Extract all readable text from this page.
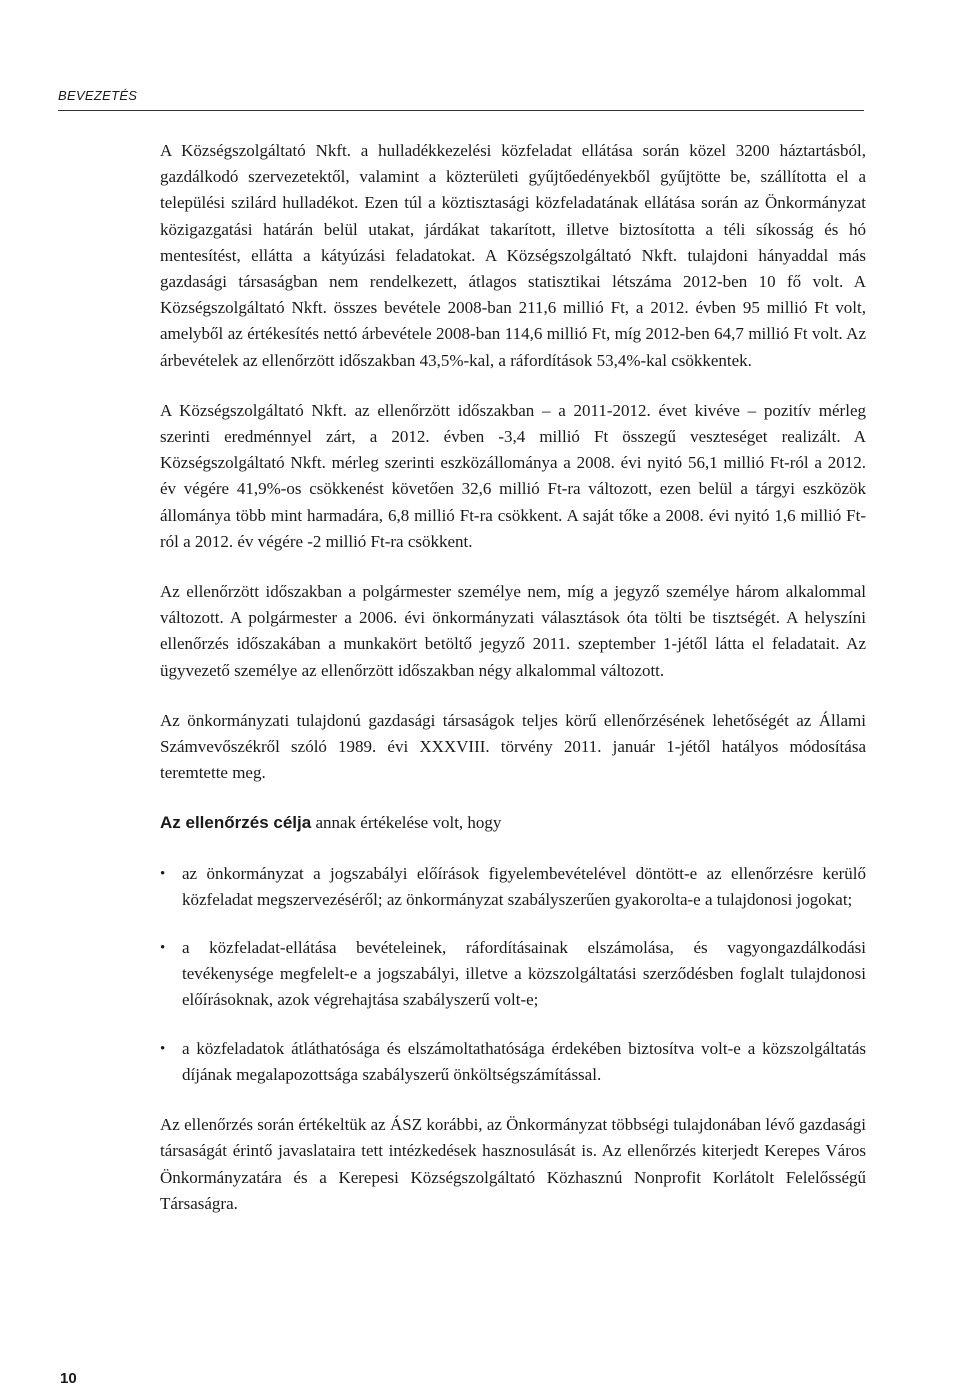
BEVEZETÉS

A Községszolgáltató Nkft. a hulladékkezelési közfeladat ellátása során közel 3200 háztartásból, gazdálkodó szervezetektől, valamint a közterületi gyűjtőedényekből gyűjtötte be, szállította el a települési szilárd hulladékot. Ezen túl a köztisztasági közfeladatának ellátása során az Önkormányzat közigazgatási határán belül utakat, járdákat takarított, illetve biztosította a téli síkosság és hó mentesítést, ellátta a kátyúzási feladatokat. A Községszolgáltató Nkft. tulajdoni hányaddal más gazdasági társaságban nem rendelkezett, átlagos statisztikai létszáma 2012-ben 10 fő volt. A Községszolgáltató Nkft. összes bevétele 2008-ban 211,6 millió Ft, a 2012. évben 95 millió Ft volt, amelyből az értékesítés nettó árbevétele 2008-ban 114,6 millió Ft, míg 2012-ben 64,7 millió Ft volt. Az árbevételek az ellenőrzött időszakban 43,5%-kal, a ráfordítások 53,4%-kal csökkentek.

A Községszolgáltató Nkft. az ellenőrzött időszakban – a 2011-2012. évet kivéve – pozitív mérleg szerinti eredménnyel zárt, a 2012. évben -3,4 millió Ft összegű veszteséget realizált. A Községszolgáltató Nkft. mérleg szerinti eszközállománya a 2008. évi nyitó 56,1 millió Ft-ról a 2012. év végére 41,9%-os csökkenést követően 32,6 millió Ft-ra változott, ezen belül a tárgyi eszközök állománya több mint harmadára, 6,8 millió Ft-ra csökkent. A saját tőke a 2008. évi nyitó 1,6 millió Ft-ról a 2012. év végére -2 millió Ft-ra csökkent.

Az ellenőrzött időszakban a polgármester személye nem, míg a jegyző személye három alkalommal változott. A polgármester a 2006. évi önkormányzati választások óta tölti be tisztségét. A helyszíni ellenőrzés időszakában a munkakört betöltő jegyző 2011. szeptember 1-jétől látta el feladatait. Az ügyvezető személye az ellenőrzött időszakban négy alkalommal változott.

Az önkormányzati tulajdonú gazdasági társaságok teljes körű ellenőrzésének lehetőségét az Állami Számvevőszékről szóló 1989. évi XXXVIII. törvény 2011. január 1-jétől hatályos módosítása teremtette meg.

Az ellenőrzés célja annak értékelése volt, hogy

• az önkormányzat a jogszabályi előírások figyelembevételével döntött-e az ellenőrzésre kerülő közfeladat megszervezéséről; az önkormányzat szabályszerűen gyakorolta-e a tulajdonosi jogokat;
• a közfeladat-ellátása bevételeinek, ráfordításainak elszámolása, és vagyongazdálkodási tevékenysége megfelelt-e a jogszabályi, illetve a közszolgáltatási szerződésben foglalt tulajdonosi előírásoknak, azok végrehajtása szabályszerű volt-e;
• a közfeladatok átláthatósága és elszámoltathatósága érdekében biztosítva volt-e a közszolgáltatás díjának megalapozottsága szabályszerű önköltségszámítással.

Az ellenőrzés során értékeltük az ÁSZ korábbi, az Önkormányzat többségi tulajdonában lévő gazdasági társaságát érintő javaslataira tett intézkedések hasznosulását is. Az ellenőrzés kiterjedt Kerepes Város Önkormányzatára és a Kerepesi Községszolgáltató Közhasznú Nonprofit Korlátolt Felelősségű Társaságra.

10
